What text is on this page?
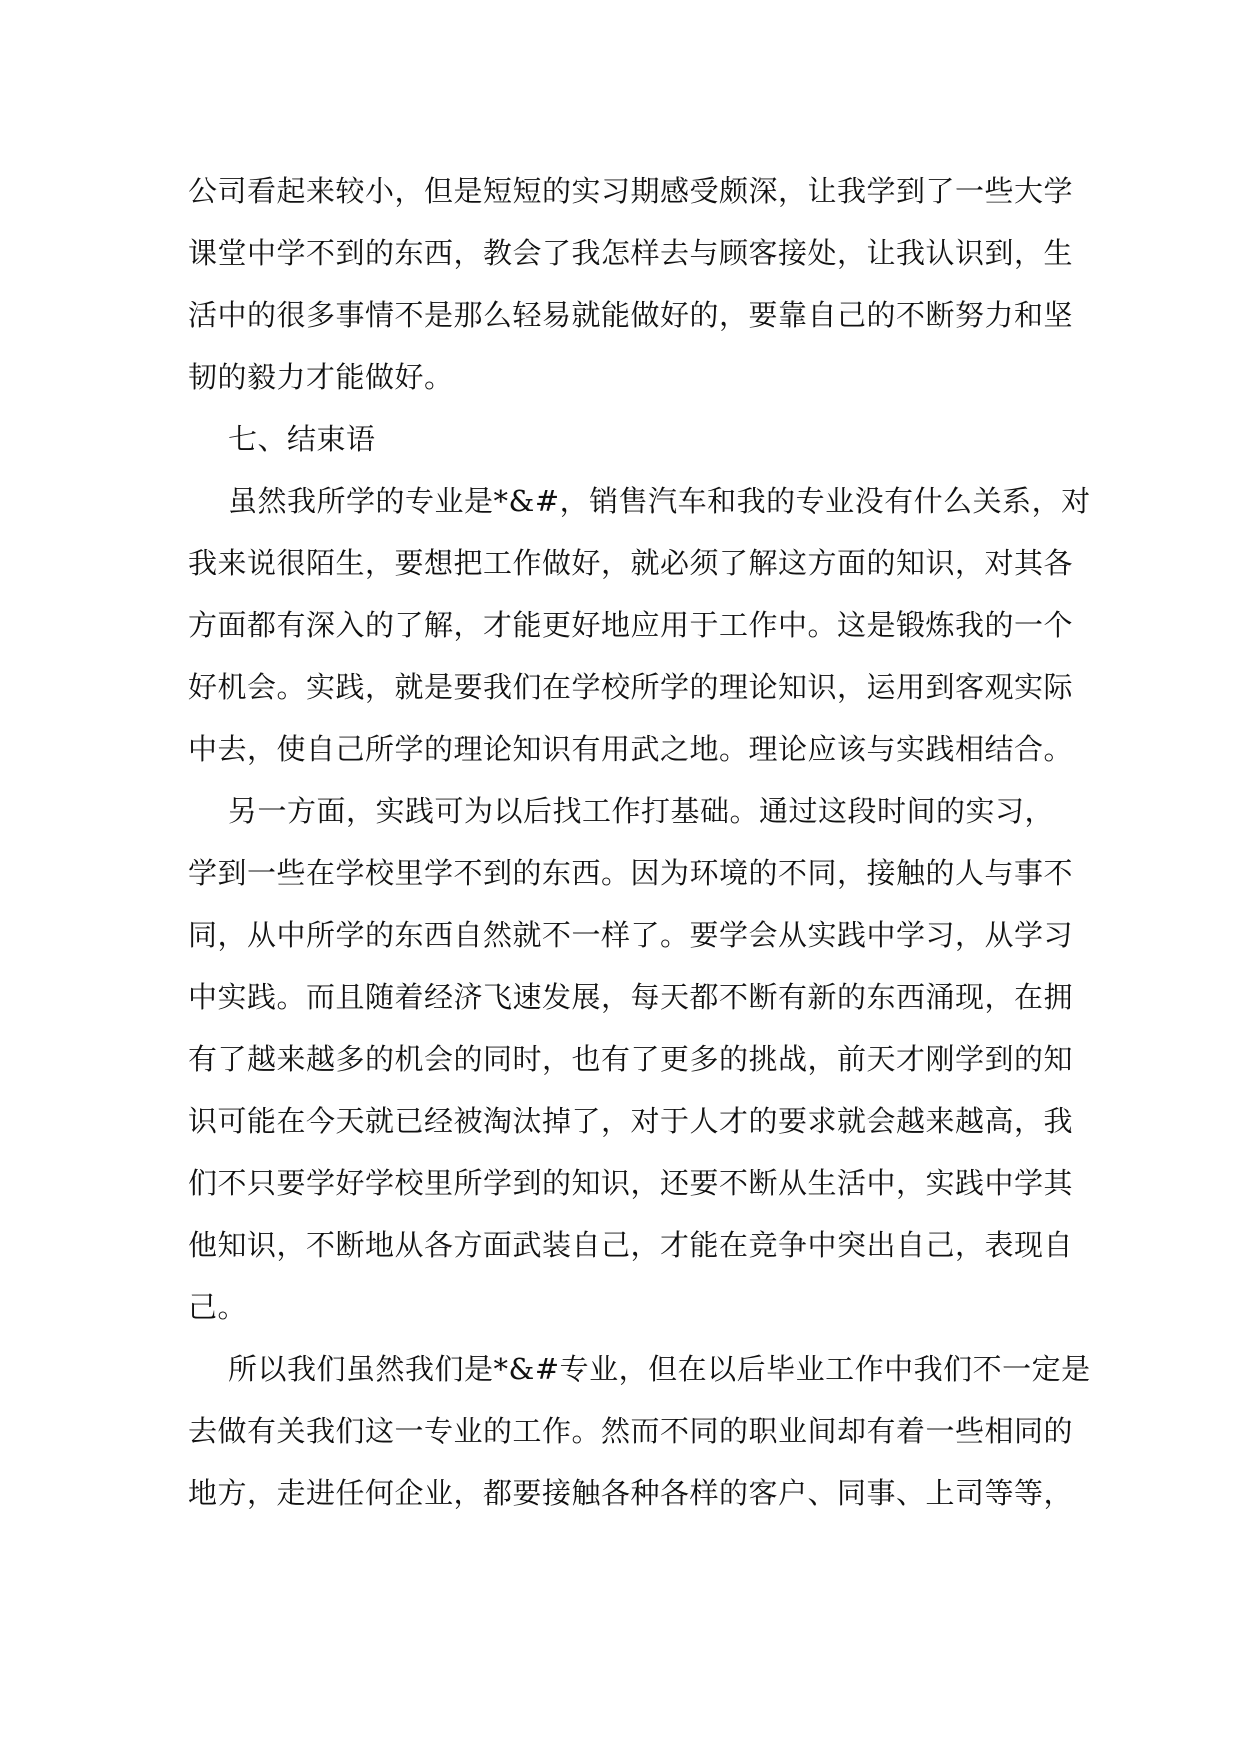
公司看起来较小，但是短短的实习期感受颇深，让我学到了一些大学
课堂中学不到的东西，教会了我怎样去与顾客接处，让我认识到，生
活中的很多事情不是那么轻易就能做好的，要靠自己的不断努力和坚
韧的毅力才能做好。
七、结束语
虽然我所学的专业是*&#，销售汽车和我的专业没有什么关系，对
我来说很陌生，要想把工作做好，就必须了解这方面的知识，对其各
方面都有深入的了解，才能更好地应用于工作中。这是锻炼我的一个
好机会。实践，就是要我们在学校所学的理论知识，运用到客观实际
中去，使自己所学的理论知识有用武之地。理论应该与实践相结合。
另一方面，实践可为以后找工作打基础。通过这段时间的实习，
学到一些在学校里学不到的东西。因为环境的不同，接触的人与事不
同，从中所学的东西自然就不一样了。要学会从实践中学习，从学习
中实践。而且随着经济飞速发展，每天都不断有新的东西涌现，在拥
有了越来越多的机会的同时，也有了更多的挑战，前天才刚学到的知
识可能在今天就已经被淘汰掉了，对于人才的要求就会越来越高，我
们不只要学好学校里所学到的知识，还要不断从生活中，实践中学其
他知识，不断地从各方面武装自己，才能在竞争中突出自己，表现自
己。
所以我们虽然我们是*&#专业，但在以后毕业工作中我们不一定是
去做有关我们这一专业的工作。然而不同的职业间却有着一些相同的
地方，走进任何企业，都要接触各种各样的客户、同事、上司等等，
